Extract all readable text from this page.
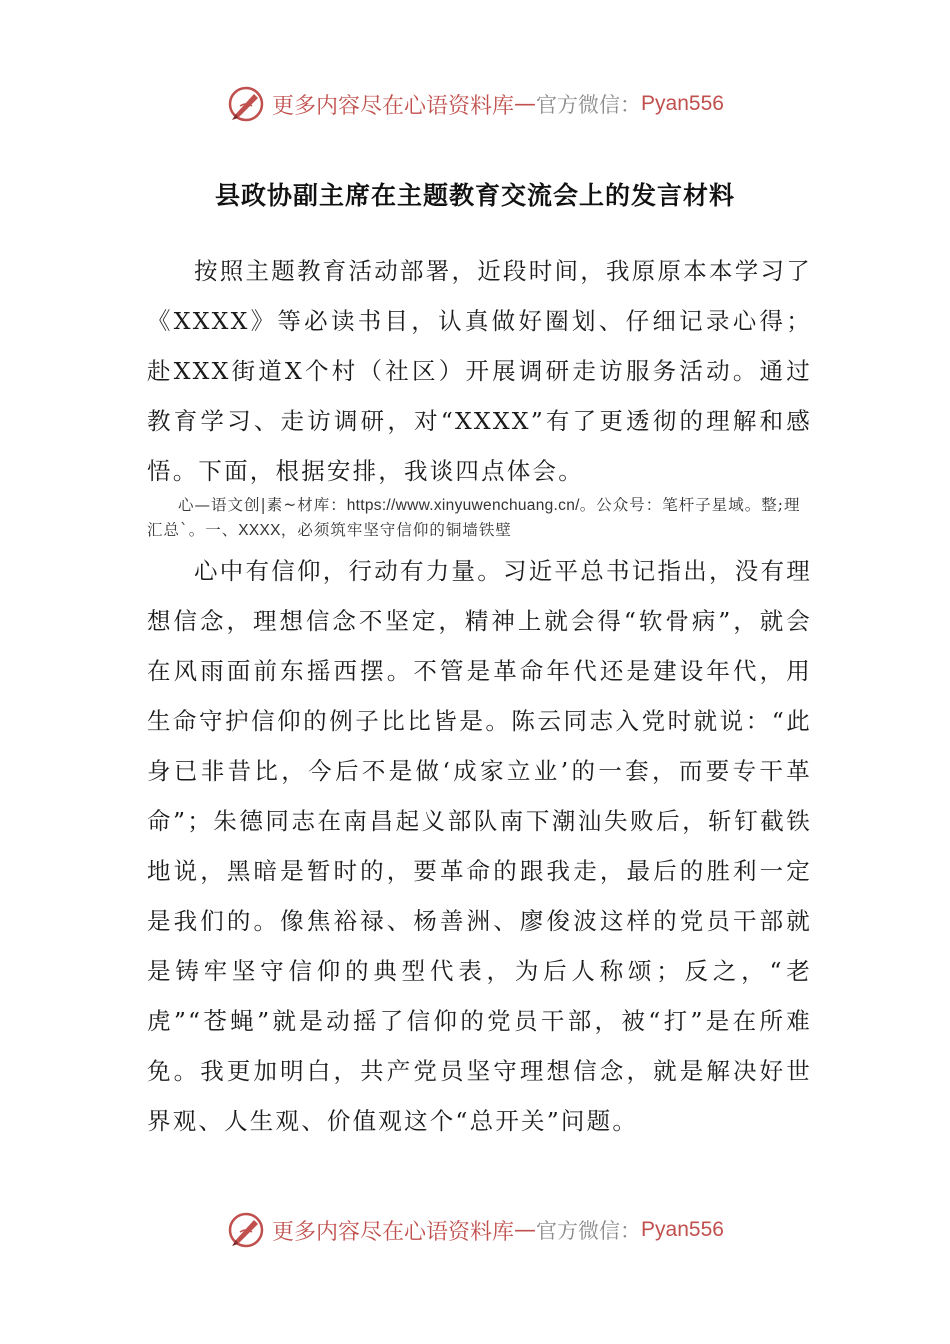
更多内容尽在心语资料库 — 官方微信： Pyan556
县政协副主席在主题教育交流会上的发言材料

按照主题教育活动部署，近段时间，我原原本本学习了《XXXX》等必读书目，认真做好圈划、仔细记录心得；赴XXX街道X个村（社区）开展调研走访服务活动。通过教育学习、走访调研，对“XXXX”有了更透彻的理解和感悟。下面，根据安排，我谈四点体会。

心—语文创|素~材库：https://www.xinyuwenchuang.cn/。公众号：笔杆子星域。整;理汇总`。一、XXXX，必须筑牢坚守信仰的铜墙铁壁

心中有信仰，行动有力量。习近平总书记指出，没有理想信念，理想信念不坚定，精神上就会得“软骨病”，就会在风雨面前东摇西摆。不管是革命年代还是建设年代，用生命守护信仰的例子比比皆是。陈云同志入党时就说：“此身已非昔比，今后不是做‘成家立业’的一套，而要专干革命”；朱德同志在南昌起义部队南下潮汕失败后，斩钉截铁地说，黑暗是暂时的，要革命的跟我走，最后的胜利一定是我们的。像焦裕禄、杨善洲、廖俊波这样的党员干部就是铸牢坚守信仰的典型代表，为后人称颂；反之，“老虎”“苍蝇”就是动摇了信仰的党员干部，被“打”是在所难免。我更加明白，共产党员坚守理想信念，就是解决好世界观、人生观、价值观这个“总开关”问题。

更多内容尽在心语资料库 — 官方微信： Pyan556
